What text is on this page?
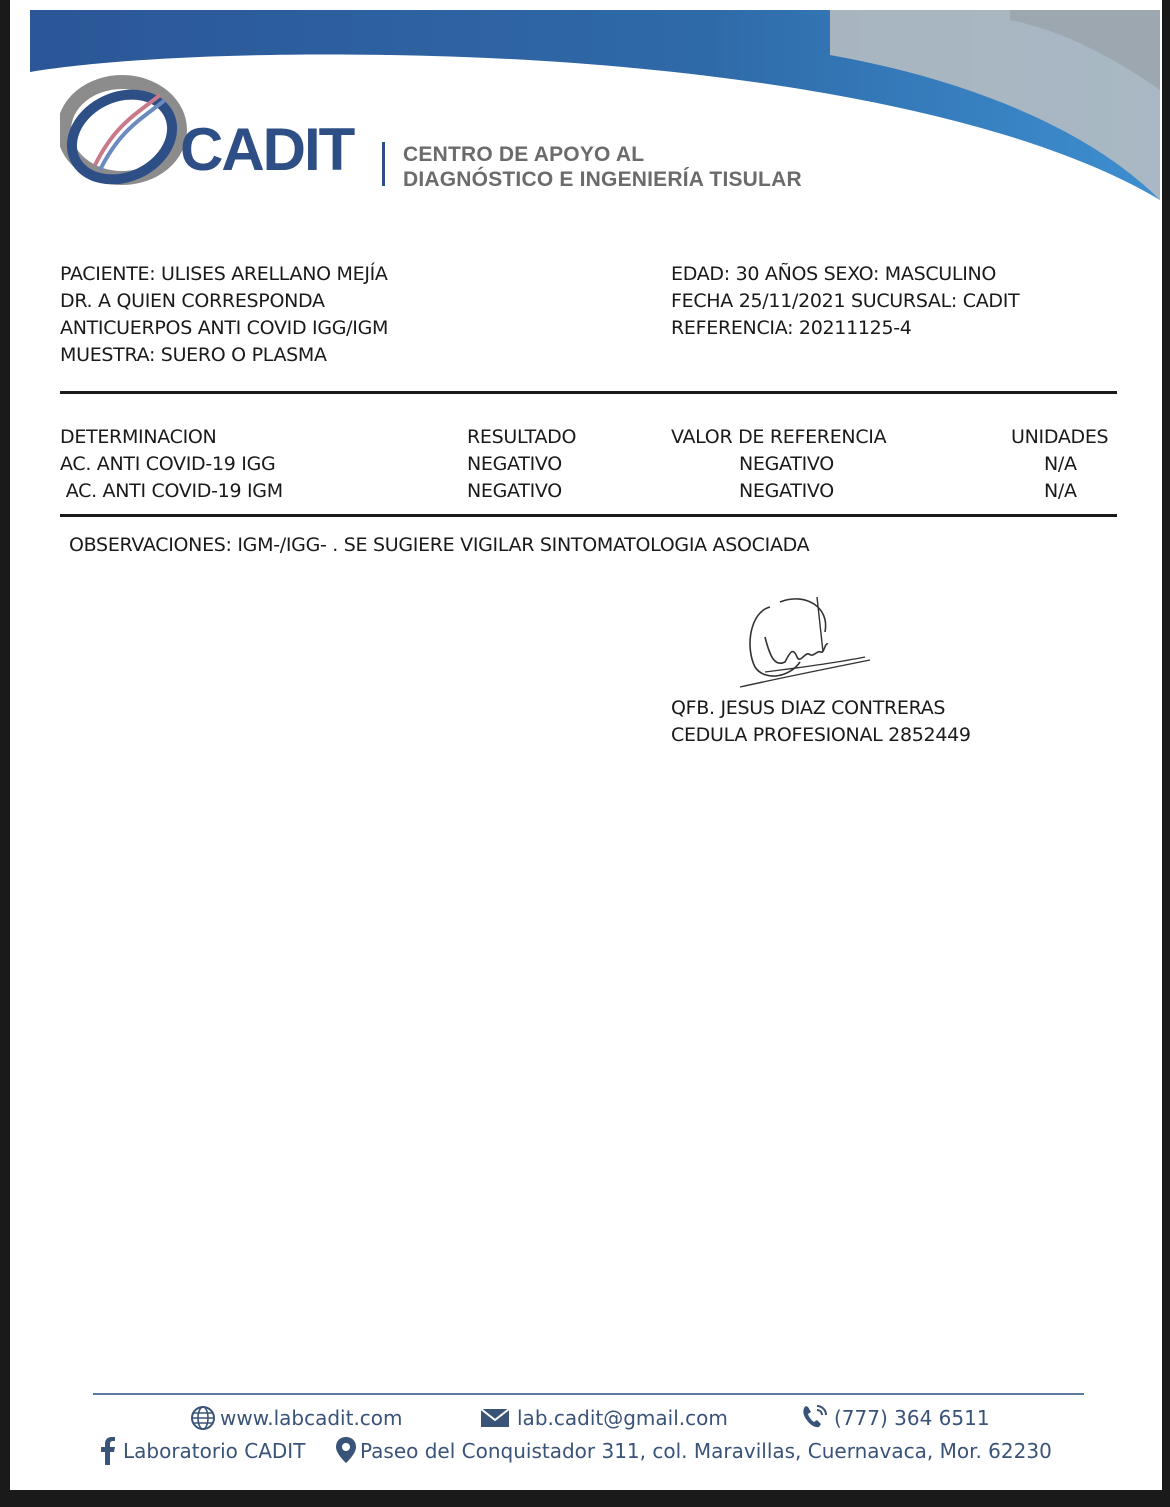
CADIT CENTRO DE APOYO AL
DIAGNÓSTICO E INGENIERÍA TISULAR
PACIENTE: ULISES ARELLANO MEJÍA
DR. A QUIEN CORRESPONDA
ANTICUERPOS ANTI COVID IGG/IGM
MUESTRA: SUERO O PLASMA
EDAD: 30 AÑOS SEXO: MASCULINO
FECHA 25/11/2021 SUCURSAL: CADIT
REFERENCIA: 20211125-4
DETERMINACION	RESULTADO	VALOR DE REFERENCIA	UNIDADES
AC. ANTI COVID-19 IGG	NEGATIVO	NEGATIVO	N/A
AC. ANTI COVID-19 IGM	NEGATIVO	NEGATIVO	N/A
OBSERVACIONES: IGM-/IGG- . SE SUGIERE VIGILAR SINTOMATOLOGIA ASOCIADA
QFB. JESUS DIAZ CONTRERAS
CEDULA PROFESIONAL 2852449
www.labcadit.com	lab.cadit@gmail.com	(777) 364 6511
Laboratorio CADIT	Paseo del Conquistador 311, col. Maravillas, Cuernavaca, Mor. 62230
